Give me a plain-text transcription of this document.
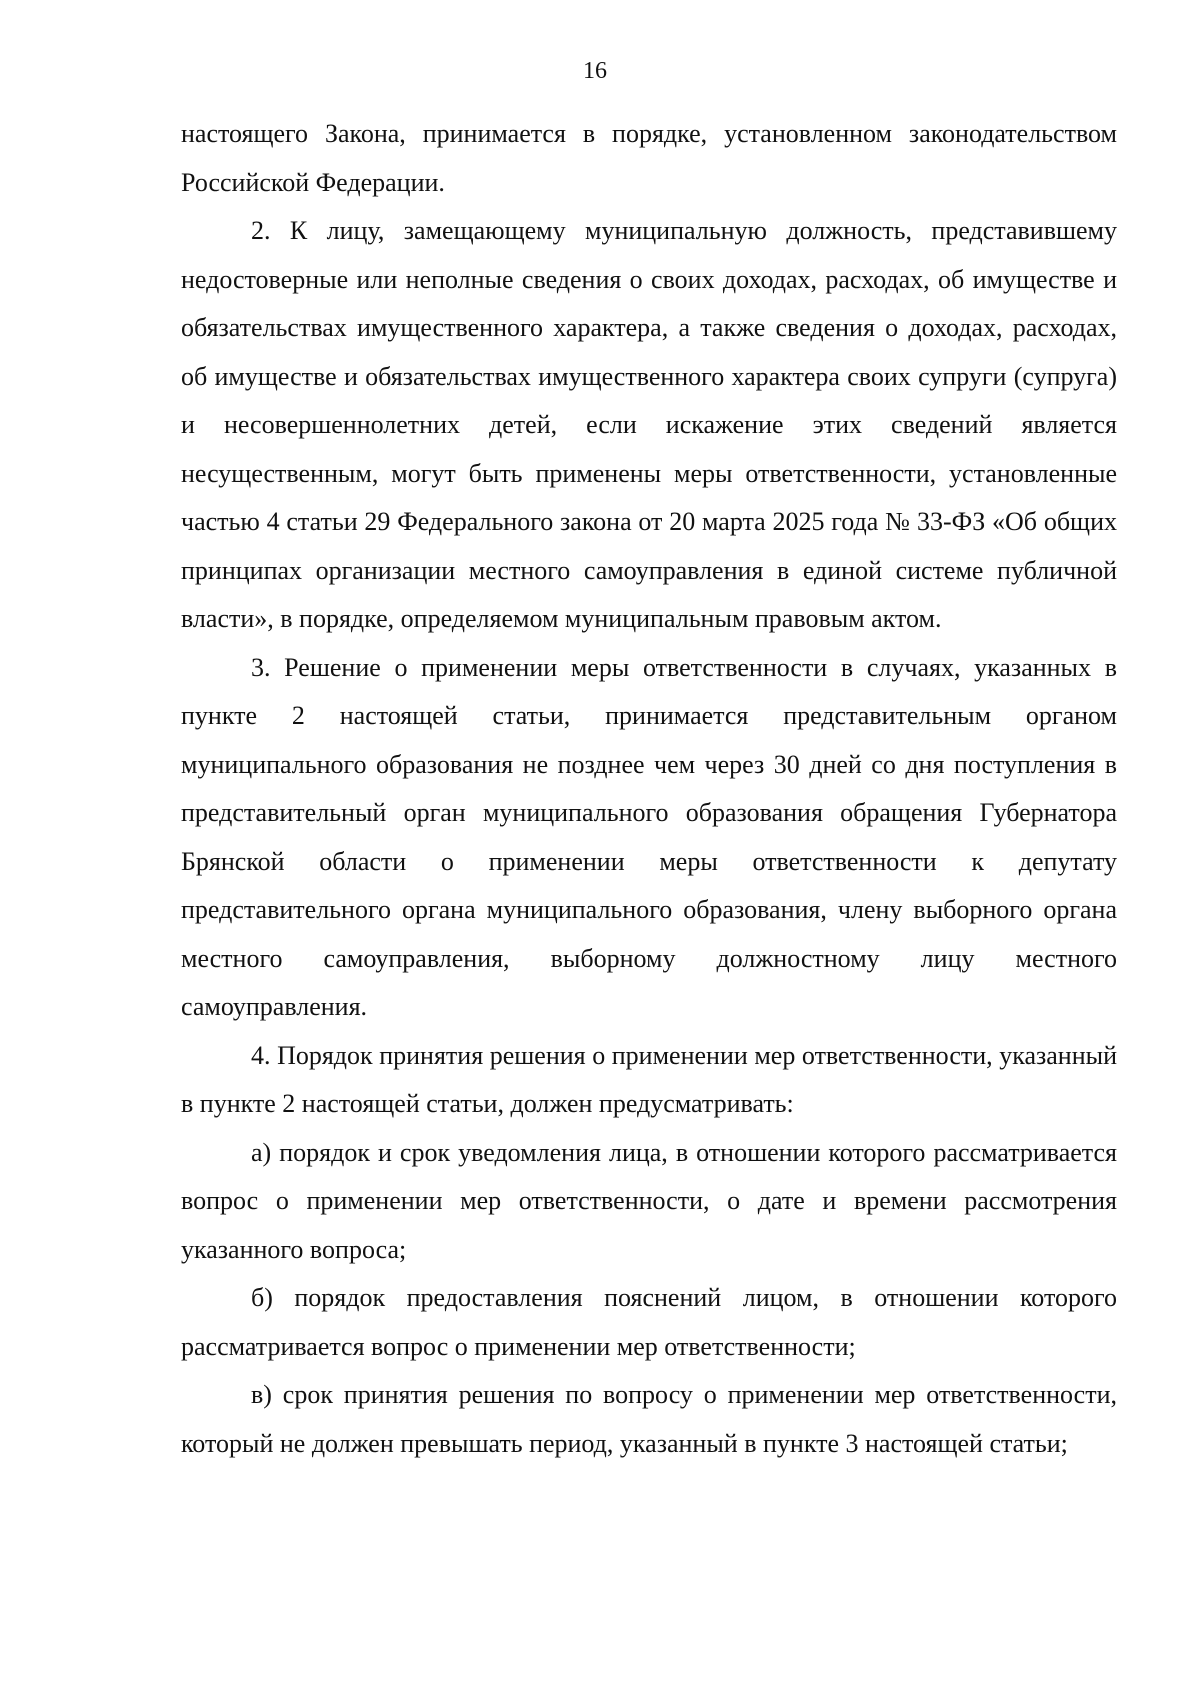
16

настоящего Закона, принимается в порядке, установленном законодательством Российской Федерации.

2. К лицу, замещающему муниципальную должность, представившему недостоверные или неполные сведения о своих доходах, расходах, об имуществе и обязательствах имущественного характера, а также сведения о доходах, расходах, об имуществе и обязательствах имущественного характера своих супруги (супруга) и несовершеннолетних детей, если искажение этих сведений является несущественным, могут быть применены меры ответственности, установленные частью 4 статьи 29 Федерального закона от 20 марта 2025 года № 33-ФЗ «Об общих принципах организации местного самоуправления в единой системе публичной власти», в порядке, определяемом муниципальным правовым актом.

3. Решение о применении меры ответственности в случаях, указанных в пункте 2 настоящей статьи, принимается представительным органом муниципального образования не позднее чем через 30 дней со дня поступления в представительный орган муниципального образования обращения Губернатора Брянской области о применении меры ответственности к депутату представительного органа муниципального образования, члену выборного органа местного самоуправления, выборному должностному лицу местного самоуправления.

4. Порядок принятия решения о применении мер ответственности, указанный в пункте 2 настоящей статьи, должен предусматривать:

а) порядок и срок уведомления лица, в отношении которого рассматривается вопрос о применении мер ответственности, о дате и времени рассмотрения указанного вопроса;

б) порядок предоставления пояснений лицом, в отношении которого рассматривается вопрос о применении мер ответственности;

в) срок принятия решения по вопросу о применении мер ответственности, который не должен превышать период, указанный в пункте 3 настоящей статьи;
